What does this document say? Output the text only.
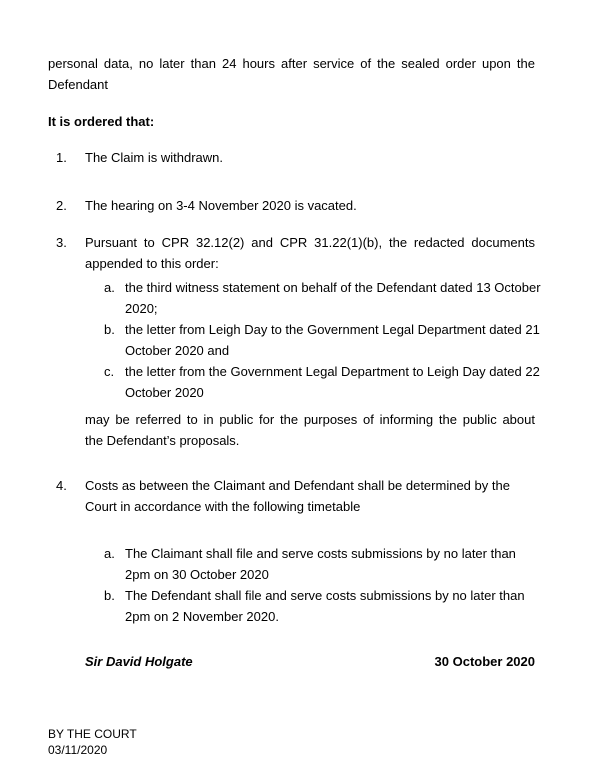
personal data, no later than 24 hours after service of the sealed order upon the
Defendant
It is ordered that:
1. The Claim is withdrawn.
2. The hearing on 3-4 November 2020 is vacated.
3. Pursuant to CPR 32.12(2) and CPR 31.22(1)(b), the redacted documents
appended to this order:
a. the third witness statement on behalf of the Defendant dated 13 October
2020;
b. the letter from Leigh Day to the Government Legal Department dated 21
October 2020 and
c. the letter from the Government Legal Department to Leigh Day dated 22
October 2020
may be referred to in public for the purposes of informing the public about
the Defendant’s proposals.
4. Costs as between the Claimant and Defendant shall be determined by the
Court in accordance with the following timetable
a. The Claimant shall file and serve costs submissions by no later than
2pm on 30 October 2020
b. The Defendant shall file and serve costs submissions by no later than
2pm on 2 November 2020.
Sir David Holgate	30 October 2020
BY THE COURT
03/11/2020
